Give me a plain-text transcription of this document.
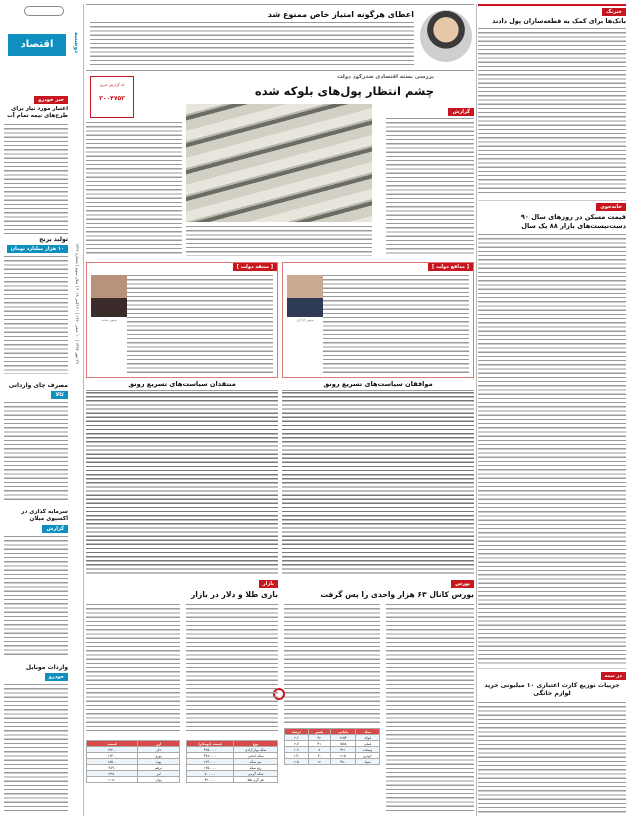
اقتصاد	دوشنبه
۲۹ مهر ۱۳۹۷ | ۱۰ صفر ۱۴۴۰ | ۲۱ اکتبر ۲۰۱۸ | سال سوم | شماره ۱۳۲۴
خبر خودرو
اعتبار مورد نیاز برای طرح‌های نیمه تمام آب
تولید برنج
۱۰ هزار میلیارد تومان
مصرف چای وارداتی
کالا
سرمایه گذاری در اکسپوی میلان
گزارش
واردات موبایل
خودرو
خبرنگ
بانک‌ها برای کمک به قطعه‌سازان پول دادند
خانه‌جوی
قیمت مسکن در روزهای سال ۹۰
دست‌نیست‌های بازار ۸۸ یک سال
در نیمه
جزییات نوزیع کارت اعتباری ۱۰ میلیونی خرید لوازم خانگی
اعطای هرگونه امتیاز خاص ممنوع شد
بررسی بسته اقتصادی ضدرکود دولت
چشم انتظار پول‌های بلوکه شده
کد گزارش خبری
۳۰۰۴۷۵۳
گزارش
[ مدافع دولت ]
تصویر کارگزار
[ منتقد دولت ]
تصویر محمد
موافقان سیاست‌های تسریع رونق
منتقدان سیاست‌های تسریع رونق
بورس
بورس کانال ۶۳ هزار واحدی را پس گرفت
نماد	پایانی	تغییر	درصد
فولاد	۱۲۵۴	۳۲	۲.۶
فملی	۱۵۸۸	۴۱	۲.۷
وبملت	۴۲۱	۸	۱.۹
خودرو	۲۱۵	-۳	-۱.۴
شپنا	۴۸۰	۱۲	۲.۵
بازار
بازی طلا و دلار در بازار
نوع	قیمت (تومان)
سکه بهار آزادی	۴۲۵۰۰۰۰
سکه امامی	۴۳۸۰۰۰۰
نیم سکه	۲۲۳۰۰۰۰
ربع سکه	۱۳۵۰۰۰۰
سکه گرمی	۸۰۰۰۰۰
هر گرم طلا	۴۲۰۰۰۰
ارز	قیمت
دلار	۱۴۲۰۰
یورو	۱۶۴۰۰
پوند	۱۸۵۰۰
درهم	۳۸۹۰
لیر	۲۴۸۰
یوان	۲۰۸۰
